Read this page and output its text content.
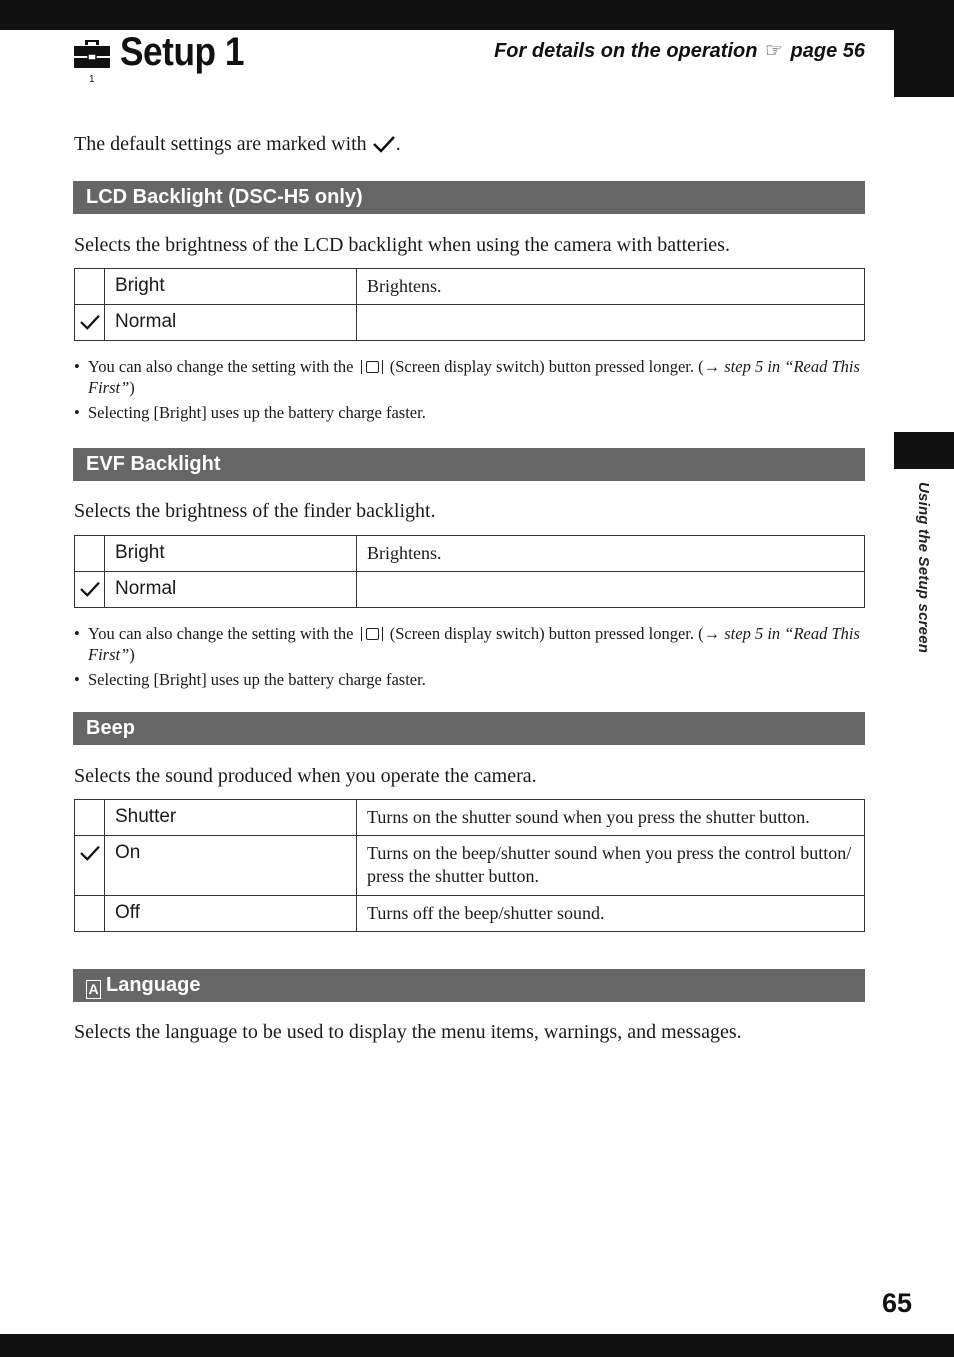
Using the Setup screen
1
Setup 1	For details on the operation ☞ page 56
The default settings are marked with .
LCD Backlight (DSC-H5 only)
Selects the brightness of the LCD backlight when using the camera with batteries.
	Bright	Brightens.
	Normal	
• You can also change the setting with the (Screen display switch) button pressed longer. (→ step 5 in “Read This First”)
• Selecting [Bright] uses up the battery charge faster.
EVF Backlight
Selects the brightness of the finder backlight.
	Bright	Brightens.
	Normal	
• You can also change the setting with the (Screen display switch) button pressed longer. (→ step 5 in “Read This First”)
• Selecting [Bright] uses up the battery charge faster.
Beep
Selects the sound produced when you operate the camera.
	Shutter	Turns on the shutter sound when you press the shutter button.
	On	Turns on the beep/shutter sound when you press the control button/ press the shutter button.
	Off	Turns off the beep/shutter sound.
A Language
Selects the language to be used to display the menu items, warnings, and messages.
65
